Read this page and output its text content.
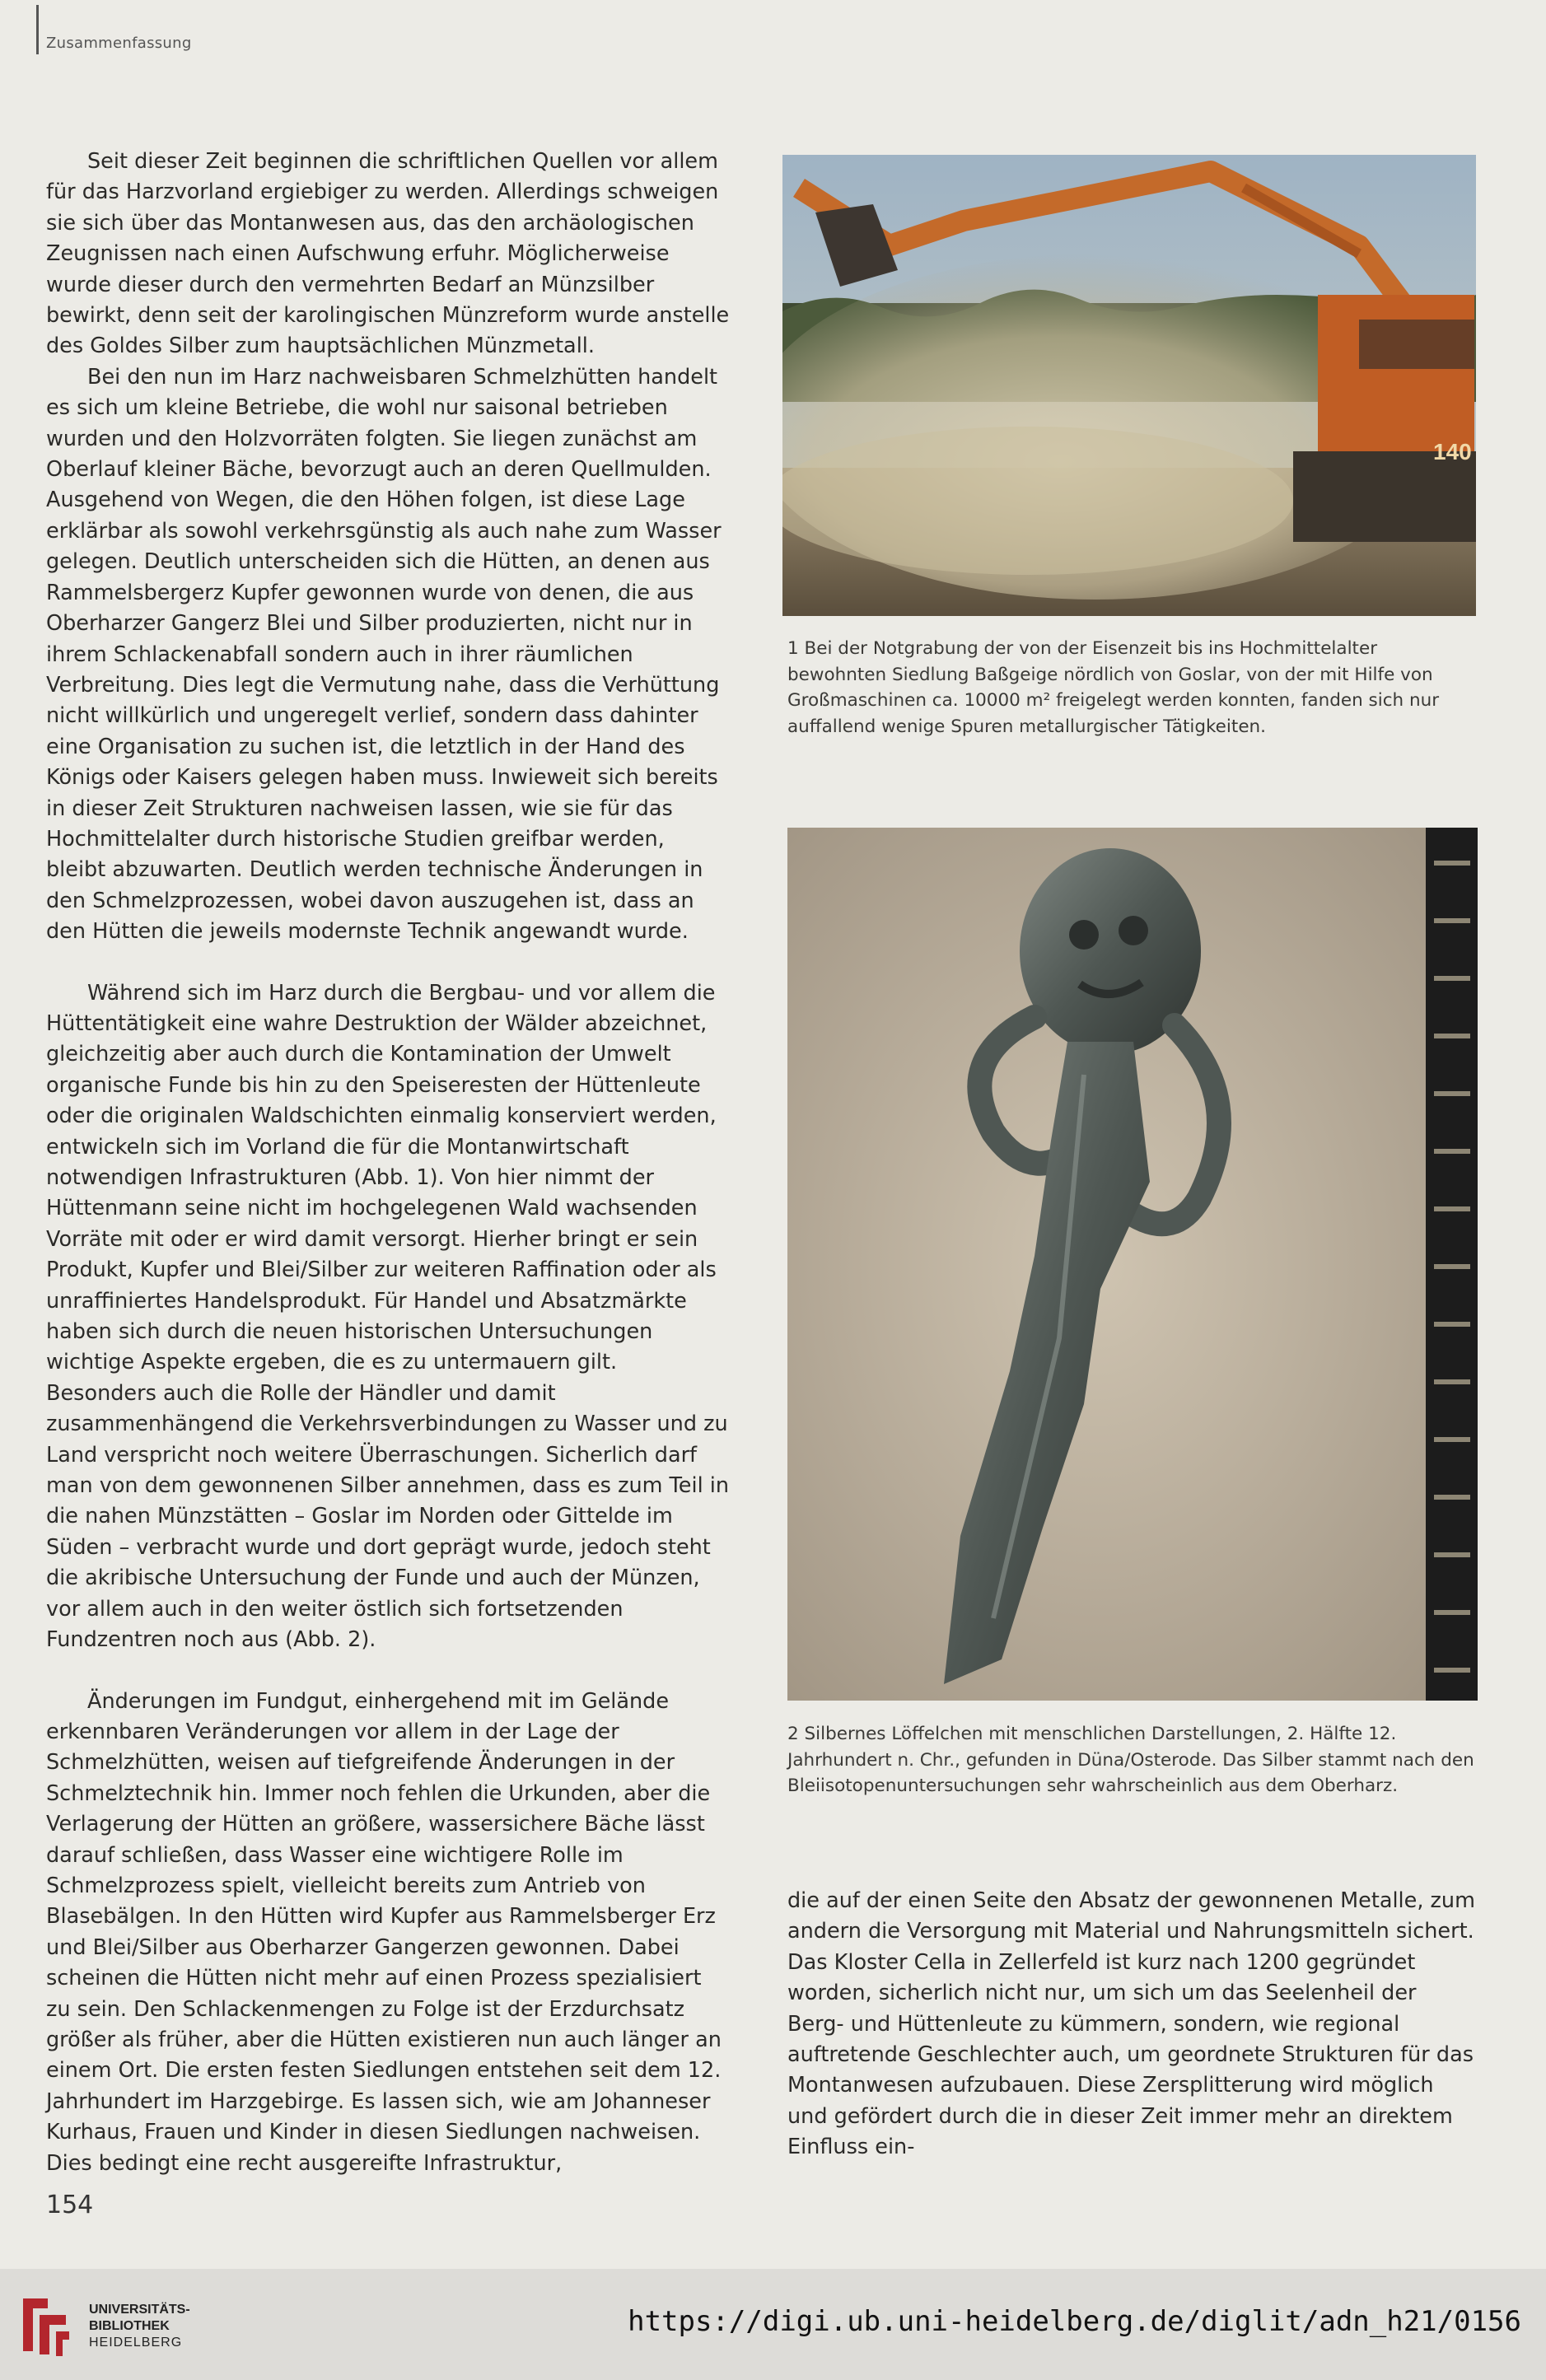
Zusammenfassung

Seit dieser Zeit beginnen die schriftlichen Quellen vor allem für das Harzvorland ergiebiger zu werden. Allerdings schweigen sie sich über das Montanwesen aus, das den archäologischen Zeugnissen nach einen Aufschwung erfuhr. Möglicherweise wurde dieser durch den vermehrten Bedarf an Münzsilber bewirkt, denn seit der karolingischen Münzreform wurde anstelle des Goldes Silber zum hauptsächlichen Münzmetall.

Bei den nun im Harz nachweisbaren Schmelzhütten handelt es sich um kleine Betriebe, die wohl nur saisonal betrieben wurden und den Holzvorräten folgten. Sie liegen zunächst am Oberlauf kleiner Bäche, bevorzugt auch an deren Quellmulden. Ausgehend von Wegen, die den Höhen folgen, ist diese Lage erklärbar als sowohl verkehrsgünstig als auch nahe zum Wasser gelegen. Deutlich unterscheiden sich die Hütten, an denen aus Rammelsbergerz Kupfer gewonnen wurde von denen, die aus Oberharzer Gangerz Blei und Silber produzierten, nicht nur in ihrem Schlackenabfall sondern auch in ihrer räumlichen Verbreitung. Dies legt die Vermutung nahe, dass die Verhüttung nicht willkürlich und ungeregelt verlief, sondern dass dahinter eine Organisation zu suchen ist, die letztlich in der Hand des Königs oder Kaisers gelegen haben muss. Inwieweit sich bereits in dieser Zeit Strukturen nachweisen lassen, wie sie für das Hochmittelalter durch historische Studien greifbar werden, bleibt abzuwarten. Deutlich werden technische Änderungen in den Schmelzprozessen, wobei davon auszugehen ist, dass an den Hütten die jeweils modernste Technik angewandt wurde.

Während sich im Harz durch die Bergbau- und vor allem die Hüttentätigkeit eine wahre Destruktion der Wälder abzeichnet, gleichzeitig aber auch durch die Kontamination der Umwelt organische Funde bis hin zu den Speiseresten der Hüttenleute oder die originalen Waldschichten einmalig konserviert werden, entwickeln sich im Vorland die für die Montanwirtschaft notwendigen Infrastrukturen (Abb. 1). Von hier nimmt der Hüttenmann seine nicht im hochgelegenen Wald wachsenden Vorräte mit oder er wird damit versorgt. Hierher bringt er sein Produkt, Kupfer und Blei/Silber zur weiteren Raffination oder als unraffiniertes Handelsprodukt. Für Handel und Absatzmärkte haben sich durch die neuen historischen Untersuchungen wichtige Aspekte ergeben, die es zu untermauern gilt. Besonders auch die Rolle der Händler und damit zusammenhängend die Verkehrsverbindungen zu Wasser und zu Land verspricht noch weitere Überraschungen. Sicherlich darf man von dem gewonnenen Silber annehmen, dass es zum Teil in die nahen Münzstätten – Goslar im Norden oder Gittelde im Süden – verbracht wurde und dort geprägt wurde, jedoch steht die akribische Untersuchung der Funde und auch der Münzen, vor allem auch in den weiter östlich sich fortsetzenden Fundzentren noch aus (Abb. 2).

Änderungen im Fundgut, einhergehend mit im Gelände erkennbaren Veränderungen vor allem in der Lage der Schmelzhütten, weisen auf tiefgreifende Änderungen in der Schmelztechnik hin. Immer noch fehlen die Urkunden, aber die Verlagerung der Hütten an größere, wassersichere Bäche lässt darauf schließen, dass Wasser eine wichtigere Rolle im Schmelzprozess spielt, vielleicht bereits zum Antrieb von Blasebälgen. In den Hütten wird Kupfer aus Rammelsberger Erz und Blei/Silber aus Oberharzer Gangerzen gewonnen. Dabei scheinen die Hütten nicht mehr auf einen Prozess spezialisiert zu sein. Den Schlackenmengen zu Folge ist der Erzdurchsatz größer als früher, aber die Hütten existieren nun auch länger an einem Ort. Die ersten festen Siedlungen entstehen seit dem 12. Jahrhundert im Harzgebirge. Es lassen sich, wie am Johanneser Kurhaus, Frauen und Kinder in diesen Siedlungen nachweisen. Dies bedingt eine recht ausgereifte Infrastruktur,

140
1 Bei der Notgrabung der von der Eisenzeit bis ins Hochmittelalter bewohnten Siedlung Baßgeige nördlich von Goslar, von der mit Hilfe von Großmaschinen ca. 10000 m² freigelegt werden konnten, fanden sich nur auffallend wenige Spuren metallurgischer Tätigkeiten.
2 Silbernes Löffelchen mit menschlichen Darstellungen, 2. Hälfte 12. Jahrhundert n. Chr., gefunden in Düna/Osterode. Das Silber stammt nach den Bleiisotopenuntersuchungen sehr wahrscheinlich aus dem Oberharz.

die auf der einen Seite den Absatz der gewonnenen Metalle, zum andern die Versorgung mit Material und Nahrungsmitteln sichert. Das Kloster Cella in Zellerfeld ist kurz nach 1200 gegründet worden, sicherlich nicht nur, um sich um das Seelenheil der Berg- und Hüttenleute zu kümmern, sondern, wie regional auftretende Geschlechter auch, um geordnete Strukturen für das Montanwesen aufzubauen. Diese Zersplitterung wird möglich und gefördert durch die in dieser Zeit immer mehr an direktem Einfluss ein-

154
UNIVERSITÄTS-
BIBLIOTHEK
HEIDELBERG
https://digi.ub.uni-heidelberg.de/diglit/adn_h21/0156
